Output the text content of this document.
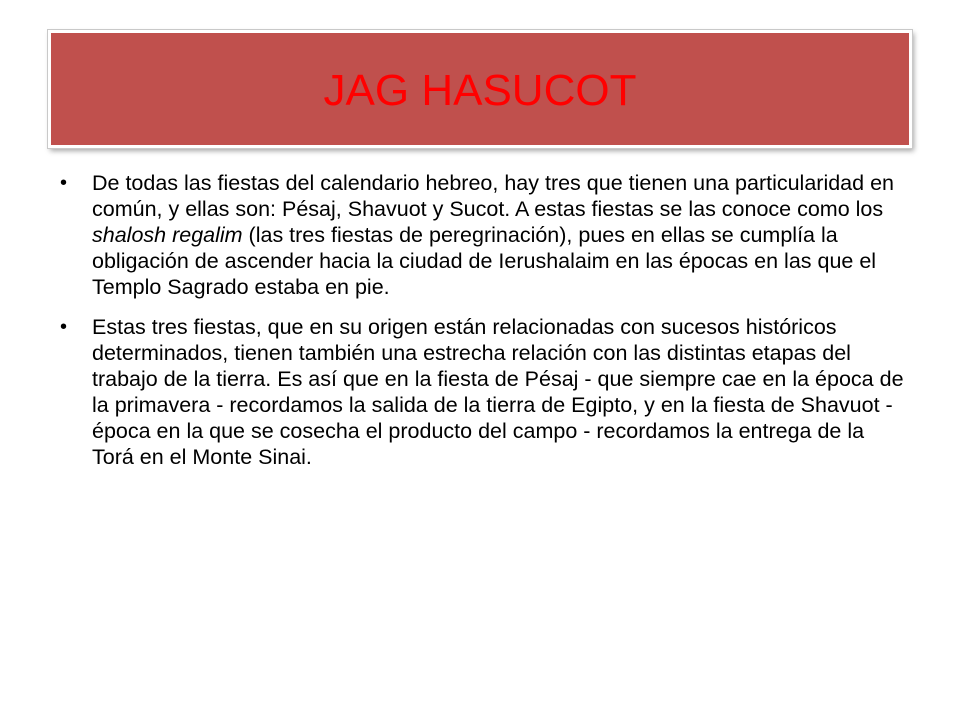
JAG HASUCOT
• De todas las fiestas del calendario hebreo, hay tres que tienen una particularidad en común, y ellas son: Pésaj, Shavuot y Sucot. A estas fiestas se las conoce como los shalosh regalim (las tres fiestas de peregrinación), pues en ellas se cumplía la obligación de ascender hacia la ciudad de Ierushalaim en las épocas en las que el Templo Sagrado estaba en pie.
• Estas tres fiestas, que en su origen están relacionadas con sucesos históricos determinados, tienen también una estrecha relación con las distintas etapas del trabajo de la tierra. Es así que en la fiesta de Pésaj - que siempre cae en la época de la primavera - recordamos la salida de la tierra de Egipto, y en la fiesta de Shavuot - época en la que se cosecha el producto del campo - recordamos la entrega de la Torá en el Monte Sinai.
